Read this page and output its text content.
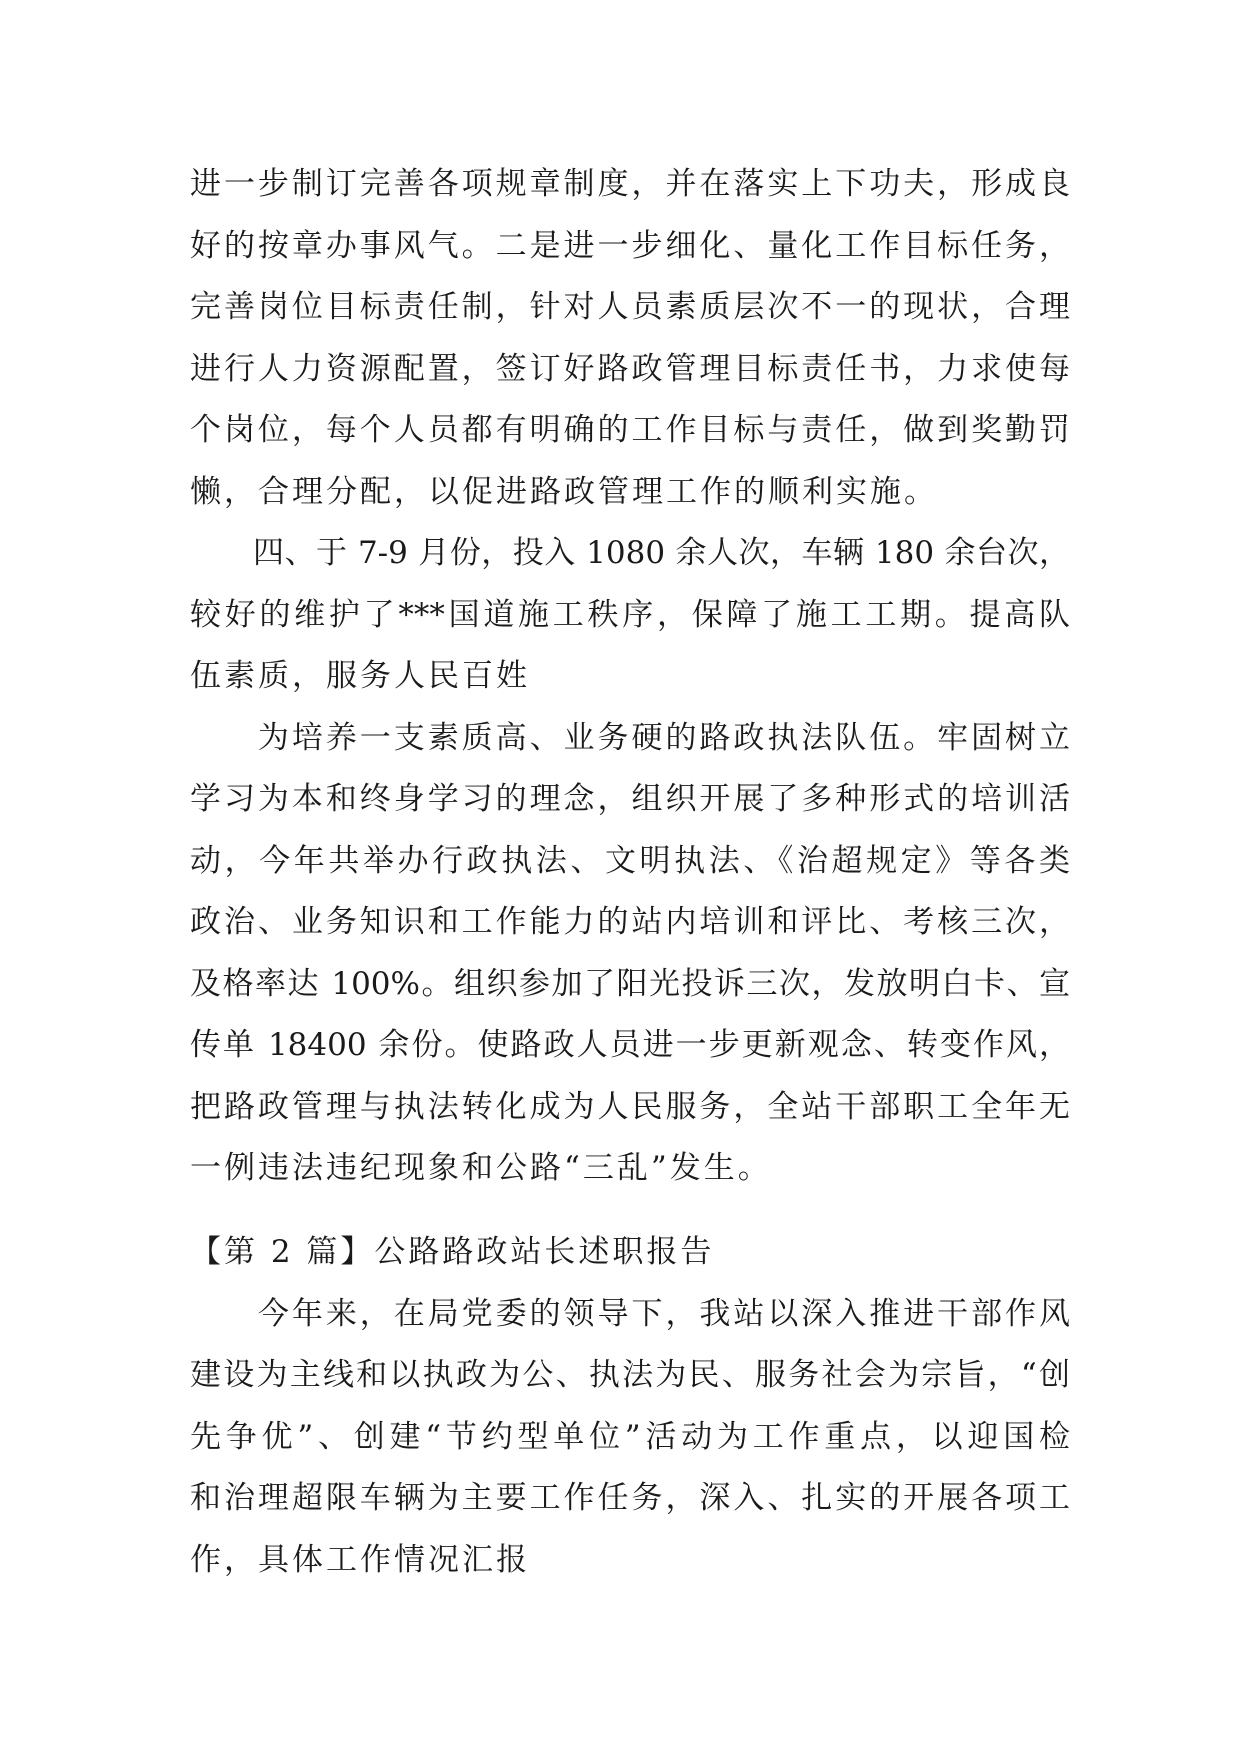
进一步制订完善各项规章制度，并在落实上下功夫，形成良
好的按章办事风气。二是进一步细化、量化工作目标任务，
完善岗位目标责任制，针对人员素质层次不一的现状，合理
进行人力资源配置，签订好路政管理目标责任书，力求使每
个岗位，每个人员都有明确的工作目标与责任，做到奖勤罚
懒，合理分配，以促进路政管理工作的顺利实施。
　　四、于 7-9 月份，投入 1080 余人次，车辆 180 余台次，
较好的维护了***国道施工秩序，保障了施工工期。提高队
伍素质，服务人民百姓
　　为培养一支素质高、业务硬的路政执法队伍。牢固树立
学习为本和终身学习的理念，组织开展了多种形式的培训活
动，今年共举办行政执法、文明执法、《治超规定》等各类
政治、业务知识和工作能力的站内培训和评比、考核三次，
及格率达 100%。组织参加了阳光投诉三次，发放明白卡、宣
传单 18400 余份。使路政人员进一步更新观念、转变作风，
把路政管理与执法转化成为人民服务，全站干部职工全年无
一例违法违纪现象和公路“三乱”发生。
【第 2 篇】公路路政站长述职报告
　　今年来，在局党委的领导下，我站以深入推进干部作风
建设为主线和以执政为公、执法为民、服务社会为宗旨，“创
先争优”、创建“节约型单位”活动为工作重点，以迎国检
和治理超限车辆为主要工作任务，深入、扎实的开展各项工
作，具体工作情况汇报
